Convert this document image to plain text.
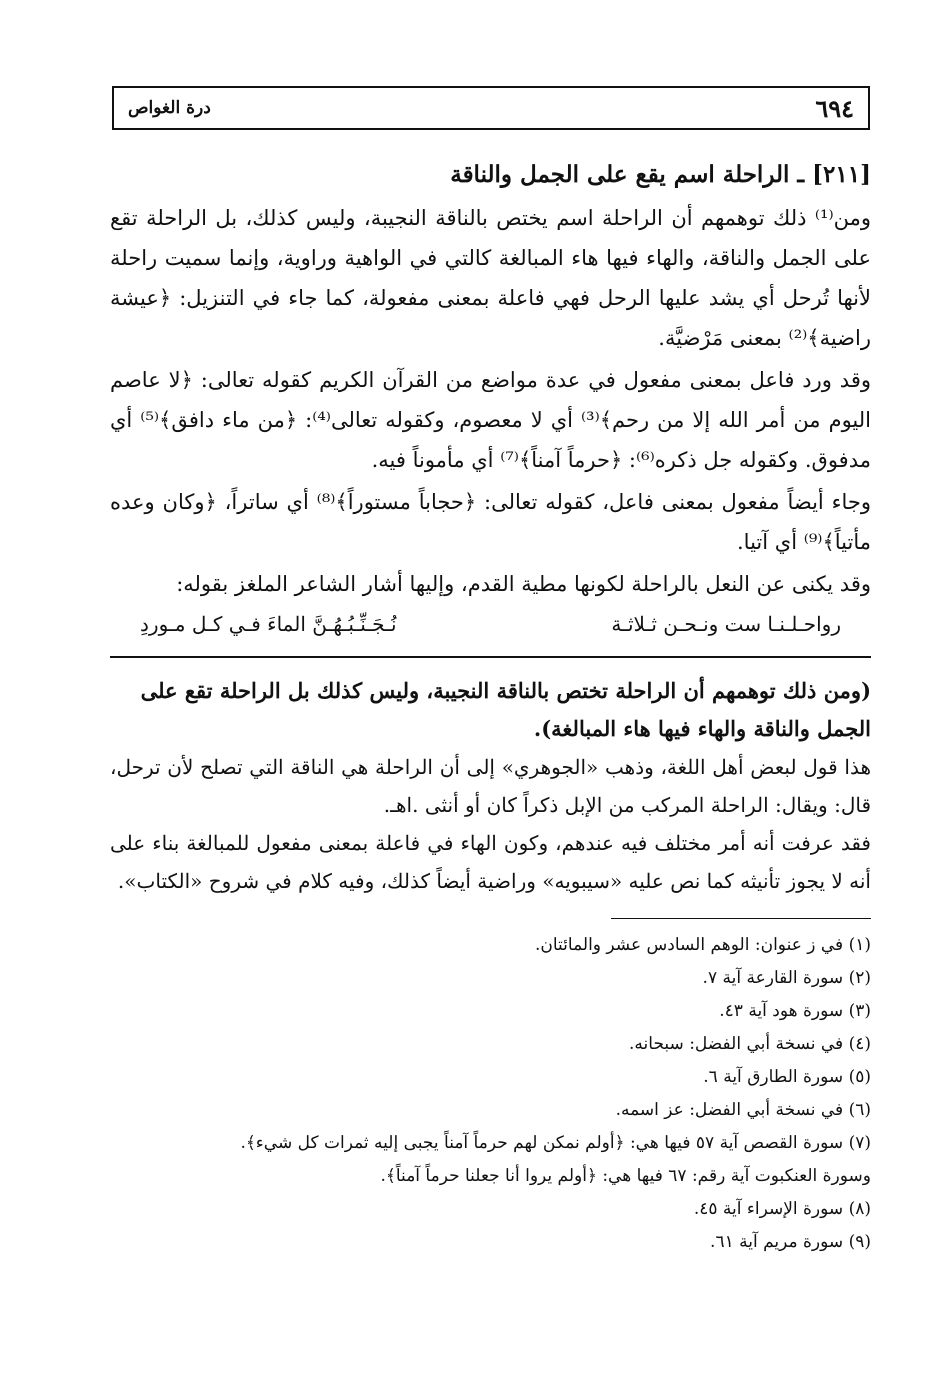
٦٩٤
درة الغواص
[٢١١] ـ الراحلة اسم يقع على الجمل والناقة

ومن⁽¹⁾ ذلك توهمهم أن الراحلة اسم يختص بالناقة النجيبة، وليس كذلك، بل الراحلة تقع على الجمل والناقة، والهاء فيها هاء المبالغة كالتي في الواهية وراوية، وإنما سميت راحلة لأنها تُرحل أي يشد عليها الرحل فهي فاعلة بمعنى مفعولة، كما جاء في التنزيل: ﴿عيشة راضية﴾⁽²⁾ بمعنى مَرْضيَّة.

وقد ورد فاعل بمعنى مفعول في عدة مواضع من القرآن الكريم كقوله تعالى: ﴿لا عاصم اليوم من أمر الله إلا من رحم﴾⁽³⁾ أي لا معصوم، وكقوله تعالى⁽⁴⁾: ﴿من ماء دافق﴾⁽⁵⁾ أي مدفوق. وكقوله جل ذكره⁽⁶⁾: ﴿حرماً آمناً﴾⁽⁷⁾ أي مأموناً فيه.

وجاء أيضاً مفعول بمعنى فاعل، كقوله تعالى: ﴿حجاباً مستوراً﴾⁽⁸⁾ أي ساتراً، ﴿وكان وعده مأتياً﴾⁽⁹⁾ أي آتيا.

وقد يكنى عن النعل بالراحلة لكونها مطية القدم، وإليها أشار الشاعر الملغز بقوله:

رواحـلـنـا ست ونـحـن ثـلاثـة
نُـجَـنِّـبُـهُـنَّ الماءَ فـي كـل مـوردِ

(ومن ذلك توهمهم أن الراحلة تختص بالناقة النجيبة، وليس كذلك بل الراحلة تقع على الجمل والناقة والهاء فيها هاء المبالغة).

هذا قول لبعض أهل اللغة، وذهب «الجوهري» إلى أن الراحلة هي الناقة التي تصلح لأن ترحل، قال: ويقال: الراحلة المركب من الإبل ذكراً كان أو أنثى .اهـ.

فقد عرفت أنه أمر مختلف فيه عندهم، وكون الهاء في فاعلة بمعنى مفعول للمبالغة بناء على أنه لا يجوز تأنيثه كما نص عليه «سيبويه» وراضية أيضاً كذلك، وفيه كلام في شروح «الكتاب».

(١) في ز عنوان: الوهم السادس عشر والمائتان.
(٢) سورة القارعة آية ٧.
(٣) سورة هود آية ٤٣.
(٤) في نسخة أبي الفضل: سبحانه.
(٥) سورة الطارق آية ٦.
(٦) في نسخة أبي الفضل: عز اسمه.
(٧) سورة القصص آية ٥٧ فيها هي: ﴿أولم نمكن لهم حرماً آمناً يجبى إليه ثمرات كل شيء﴾.
وسورة العنكبوت آية رقم: ٦٧ فيها هي: ﴿أولم يروا أنا جعلنا حرماً آمناً﴾.
(٨) سورة الإسراء آية ٤٥.
(٩) سورة مريم آية ٦١.
